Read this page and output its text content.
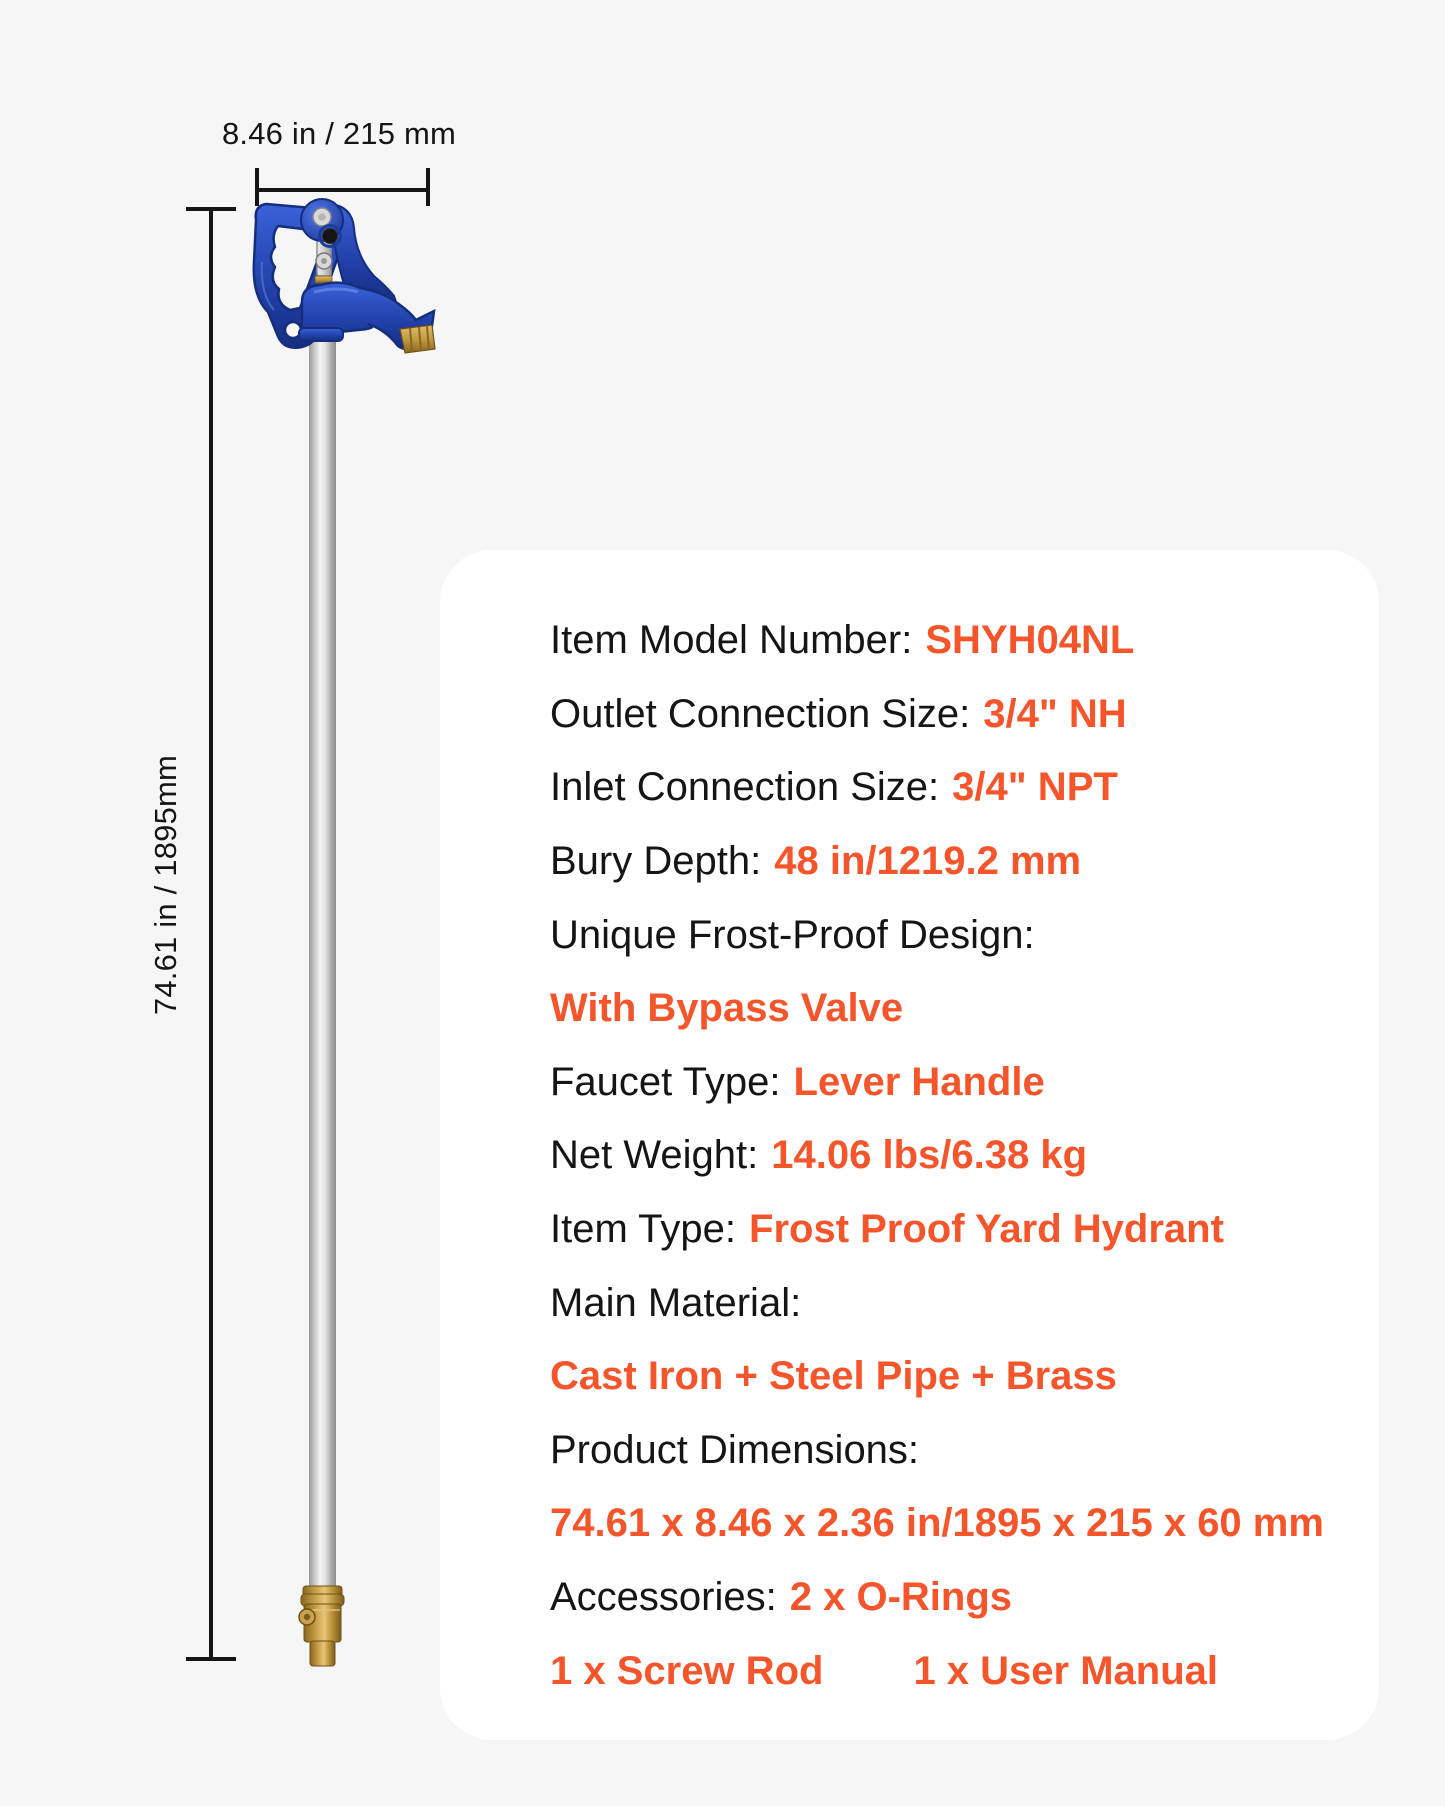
8.46 in / 215 mm
74.61 in / 1895mm
Item Model Number: SHYH04NL
Outlet Connection Size: 3/4" NH
Inlet Connection Size: 3/4" NPT
Bury Depth: 48 in/1219.2 mm
Unique Frost-Proof Design:
With Bypass Valve
Faucet Type: Lever Handle
Net Weight: 14.06 lbs/6.38 kg
Item Type: Frost Proof Yard Hydrant
Main Material:
Cast Iron + Steel Pipe + Brass
Product Dimensions:
74.61 x 8.46 x 2.36 in/1895 x 215 x 60 mm
Accessories: 2 x O-Rings
1 x Screw Rod 1 x User Manual
